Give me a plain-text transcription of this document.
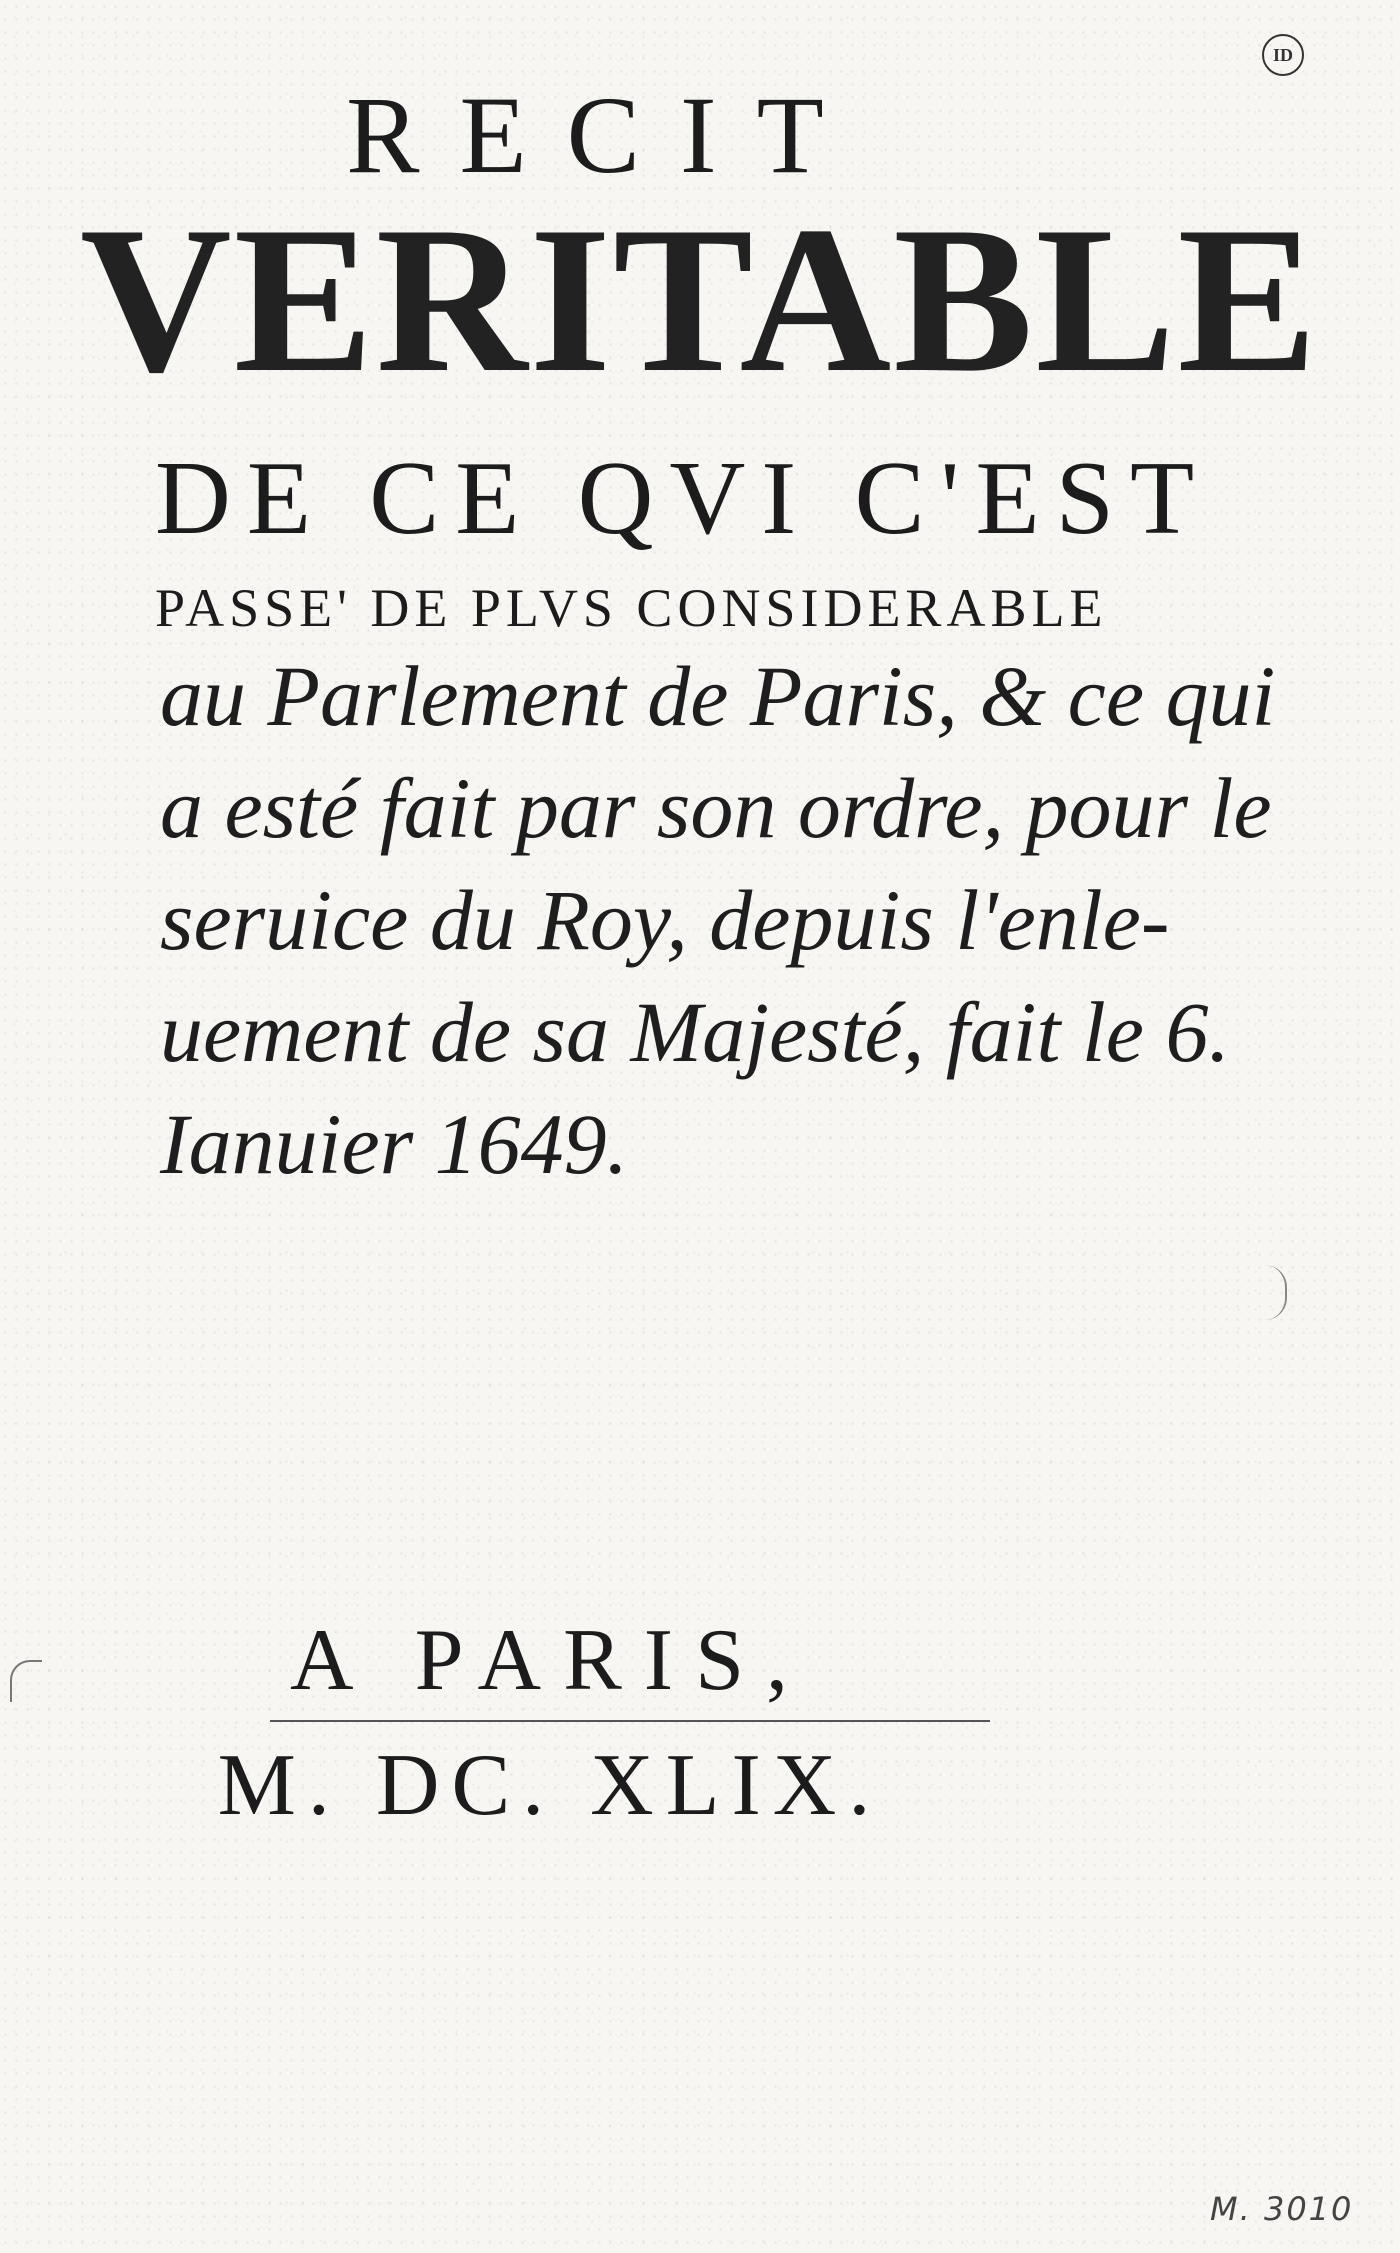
ID
RECIT
VERITABLE
DE CE QVI C'EST
PASSE' DE PLVS CONSIDERABLE
au Parlement de Paris, & ce qui
a esté fait par son ordre, pour le
seruice du Roy, depuis l'enle-
uement de sa Majesté, fait le 6.
Ianuier 1649.
A PARIS,
M. DC. XLIX.
M. 3010
